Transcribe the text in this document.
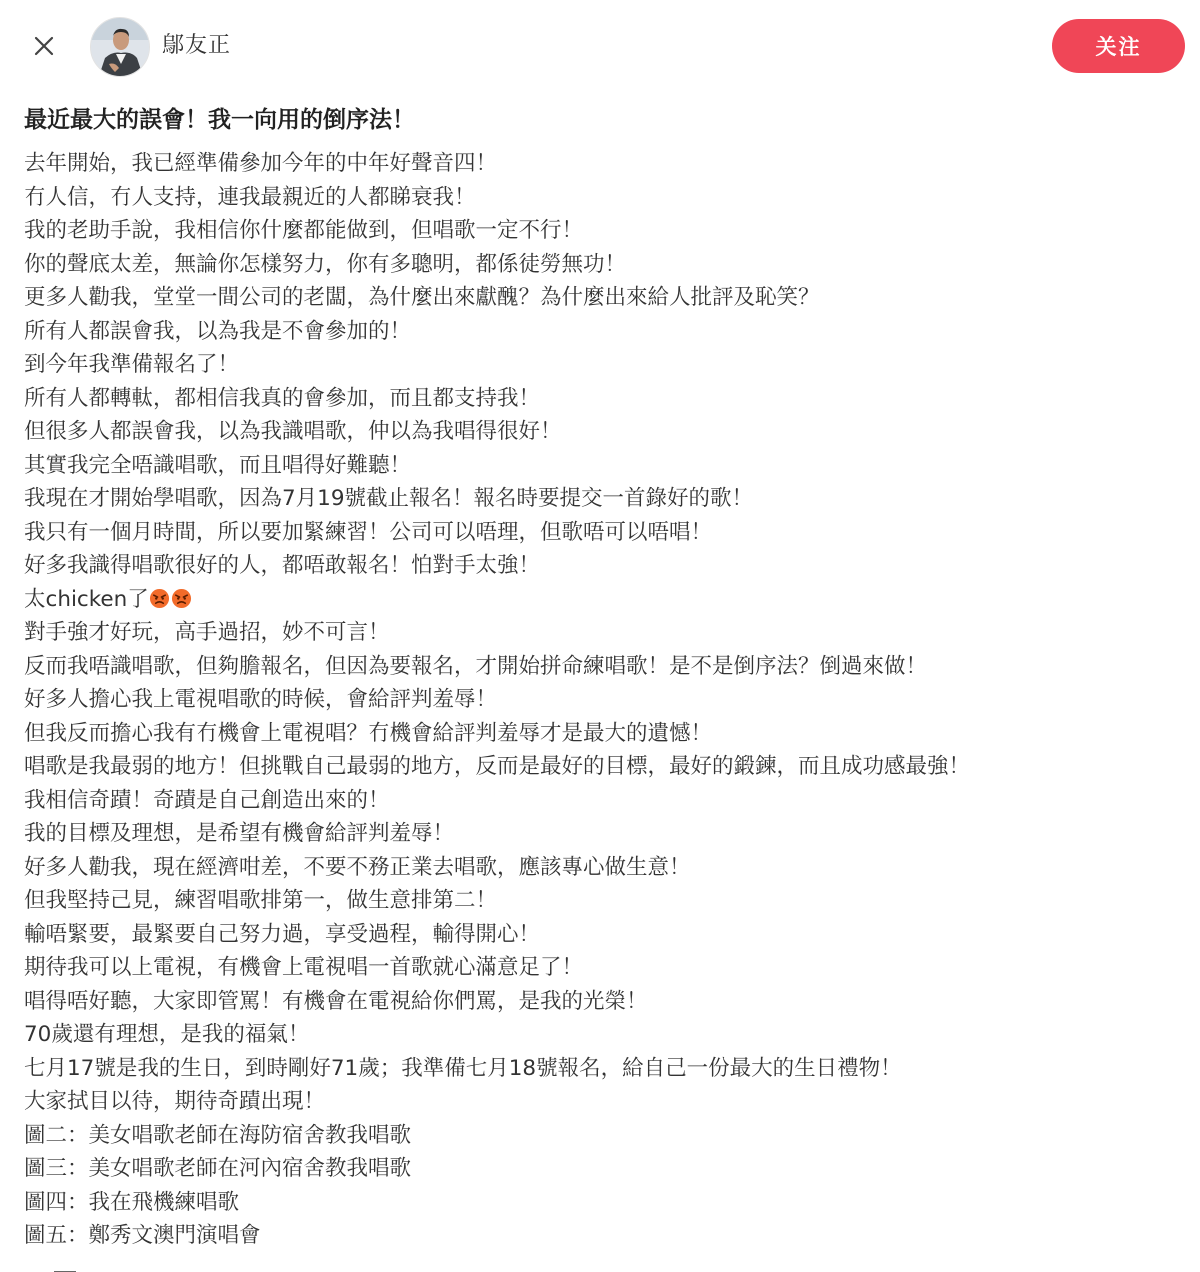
鄔友正	关注
最近最大的誤會！我一向用的倒序法！
去年開始，我已經準備參加今年的中年好聲音四！
冇人信，冇人支持，連我最親近的人都睇衰我！
我的老助手說，我相信你什麼都能做到，但唱歌一定不行！
你的聲底太差，無論你怎樣努力，你有多聰明，都係徒勞無功！
更多人勸我，堂堂一間公司的老闆，為什麼出來獻醜？為什麼出來給人批評及恥笑？
所有人都誤會我，以為我是不會參加的！
到今年我準備報名了！
所有人都轉軚，都相信我真的會參加，而且都支持我！
但很多人都誤會我，以為我識唱歌，仲以為我唱得很好！
其實我完全唔識唱歌，而且唱得好難聽！
我現在才開始學唱歌，因為7月19號截止報名！報名時要提交一首錄好的歌！
我只有一個月時間，所以要加緊練習！公司可以唔理，但歌唔可以唔唱！
好多我識得唱歌很好的人，都唔敢報名！怕對手太強！
太chicken了
對手強才好玩，高手過招，妙不可言！
反而我唔識唱歌，但夠膽報名，但因為要報名，才開始拼命練唱歌！是不是倒序法？倒過來做！
好多人擔心我上電視唱歌的時候，會給評判羞辱！
但我反而擔心我有冇機會上電視唱？冇機會給評判羞辱才是最大的遺憾！
唱歌是我最弱的地方！但挑戰自己最弱的地方，反而是最好的目標，最好的鍛鍊，而且成功感最強！
我相信奇蹟！奇蹟是自己創造出來的！
我的目標及理想，是希望有機會給評判羞辱！
好多人勸我，現在經濟咁差，不要不務正業去唱歌，應該專心做生意！
但我堅持己見，練習唱歌排第一，做生意排第二！
輸唔緊要，最緊要自己努力過，享受過程，輸得開心！
期待我可以上電視，有機會上電視唱一首歌就心滿意足了！
唱得唔好聽，大家即管罵！有機會在電視給你們罵，是我的光榮！
70歲還有理想，是我的福氣！
七月17號是我的生日，到時剛好71歲；我準備七月18號報名，給自己一份最大的生日禮物！
大家拭目以待，期待奇蹟出現！
圖二：美女唱歌老師在海防宿舍教我唱歌
圖三：美女唱歌老師在河內宿舍教我唱歌
圖四：我在飛機練唱歌
圖五：鄭秀文澳門演唱會
